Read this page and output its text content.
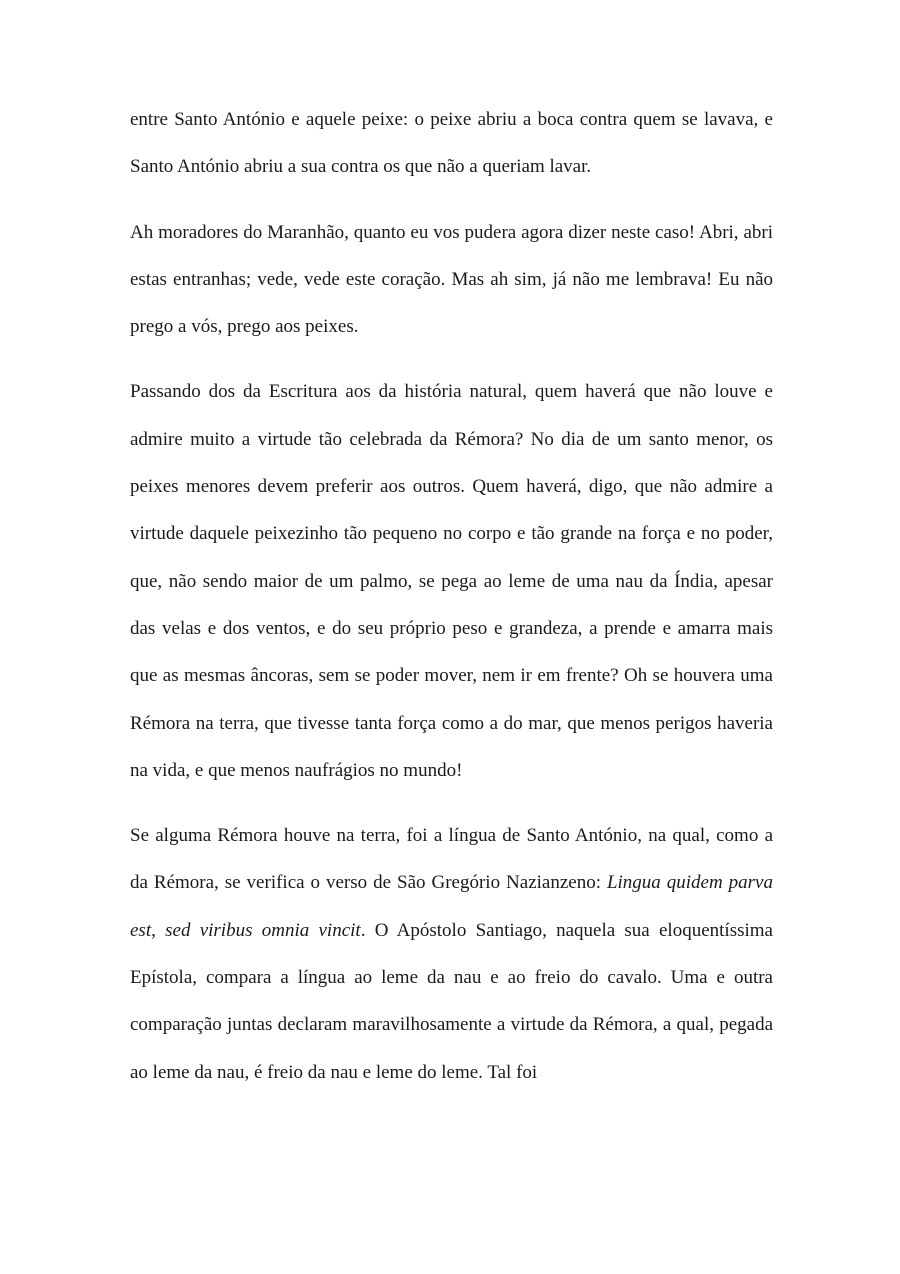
entre Santo António e aquele peixe: o peixe abriu a boca contra quem se lavava, e Santo António abriu a sua contra os que não a queriam lavar.

Ah moradores do Maranhão, quanto eu vos pudera agora dizer neste caso! Abri, abri estas entranhas; vede, vede este coração. Mas ah sim, já não me lembrava! Eu não prego a vós, prego aos peixes.

Passando dos da Escritura aos da história natural, quem haverá que não louve e admire muito a virtude tão celebrada da Rémora? No dia de um santo menor, os peixes menores devem preferir aos outros. Quem haverá, digo, que não admire a virtude daquele peixezinho tão pequeno no corpo e tão grande na força e no poder, que, não sendo maior de um palmo, se pega ao leme de uma nau da Índia, apesar das velas e dos ventos, e do seu próprio peso e grandeza, a prende e amarra mais que as mesmas âncoras, sem se poder mover, nem ir em frente? Oh se houvera uma Rémora na terra, que tivesse tanta força como a do mar, que menos perigos haveria na vida, e que menos naufrágios no mundo!

Se alguma Rémora houve na terra, foi a língua de Santo António, na qual, como a da Rémora, se verifica o verso de São Gregório Nazianzeno: Lingua quidem parva est, sed viribus omnia vincit. O Apóstolo Santiago, naquela sua eloquentíssima Epístola, compara a língua ao leme da nau e ao freio do cavalo. Uma e outra comparação juntas declaram maravilhosamente a virtude da Rémora, a qual, pegada ao leme da nau, é freio da nau e leme do leme. Tal foi
